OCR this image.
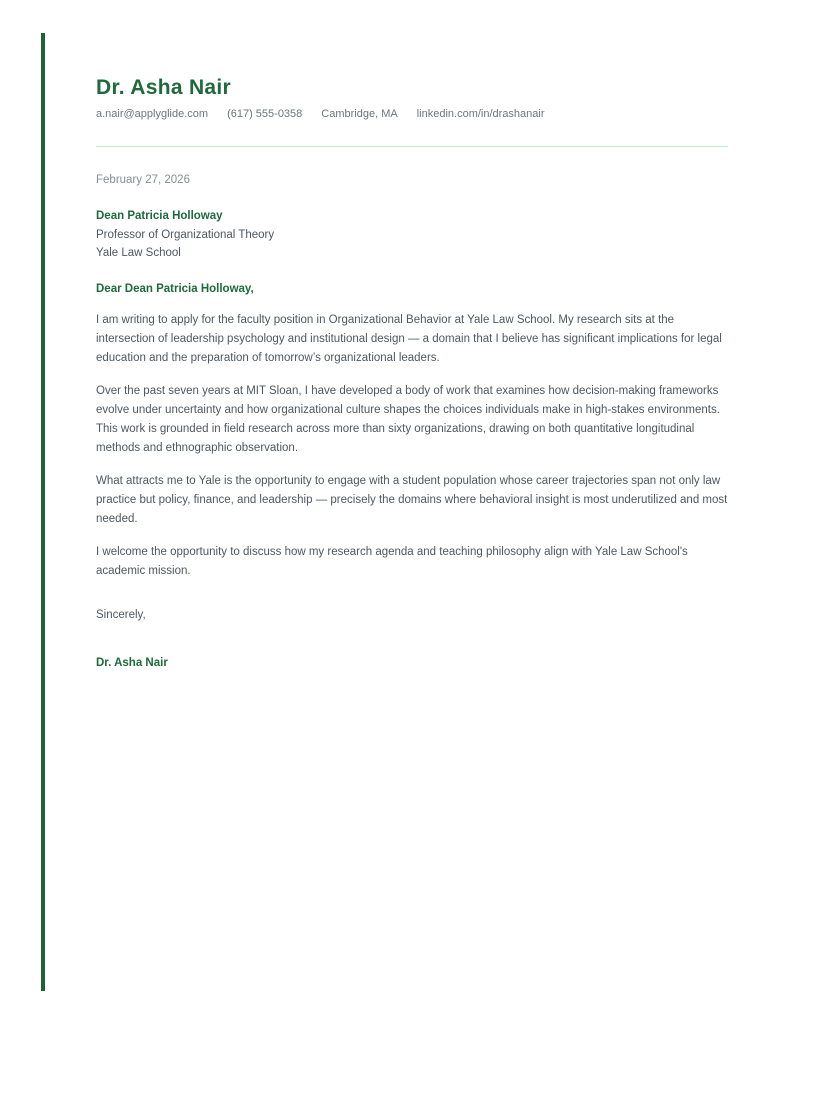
Dr. Asha Nair
a.nair@applyglide.com (617) 555-0358 Cambridge, MA linkedin.com/in/drashanair
February 27, 2026
Dean Patricia Holloway
Professor of Organizational Theory
Yale Law School
Dear Dean Patricia Holloway,

I am writing to apply for the faculty position in Organizational Behavior at Yale Law School. My research sits at the intersection of leadership psychology and institutional design — a domain that I believe has significant implications for legal education and the preparation of tomorrow’s organizational leaders.

Over the past seven years at MIT Sloan, I have developed a body of work that examines how decision-making frameworks evolve under uncertainty and how organizational culture shapes the choices individuals make in high-stakes environments. This work is grounded in field research across more than sixty organizations, drawing on both quantitative longitudinal methods and ethnographic observation.

What attracts me to Yale is the opportunity to engage with a student population whose career trajectories span not only law practice but policy, finance, and leadership — precisely the domains where behavioral insight is most underutilized and most needed.

I welcome the opportunity to discuss how my research agenda and teaching philosophy align with Yale Law School's academic mission.

Sincerely,
Dr. Asha Nair
